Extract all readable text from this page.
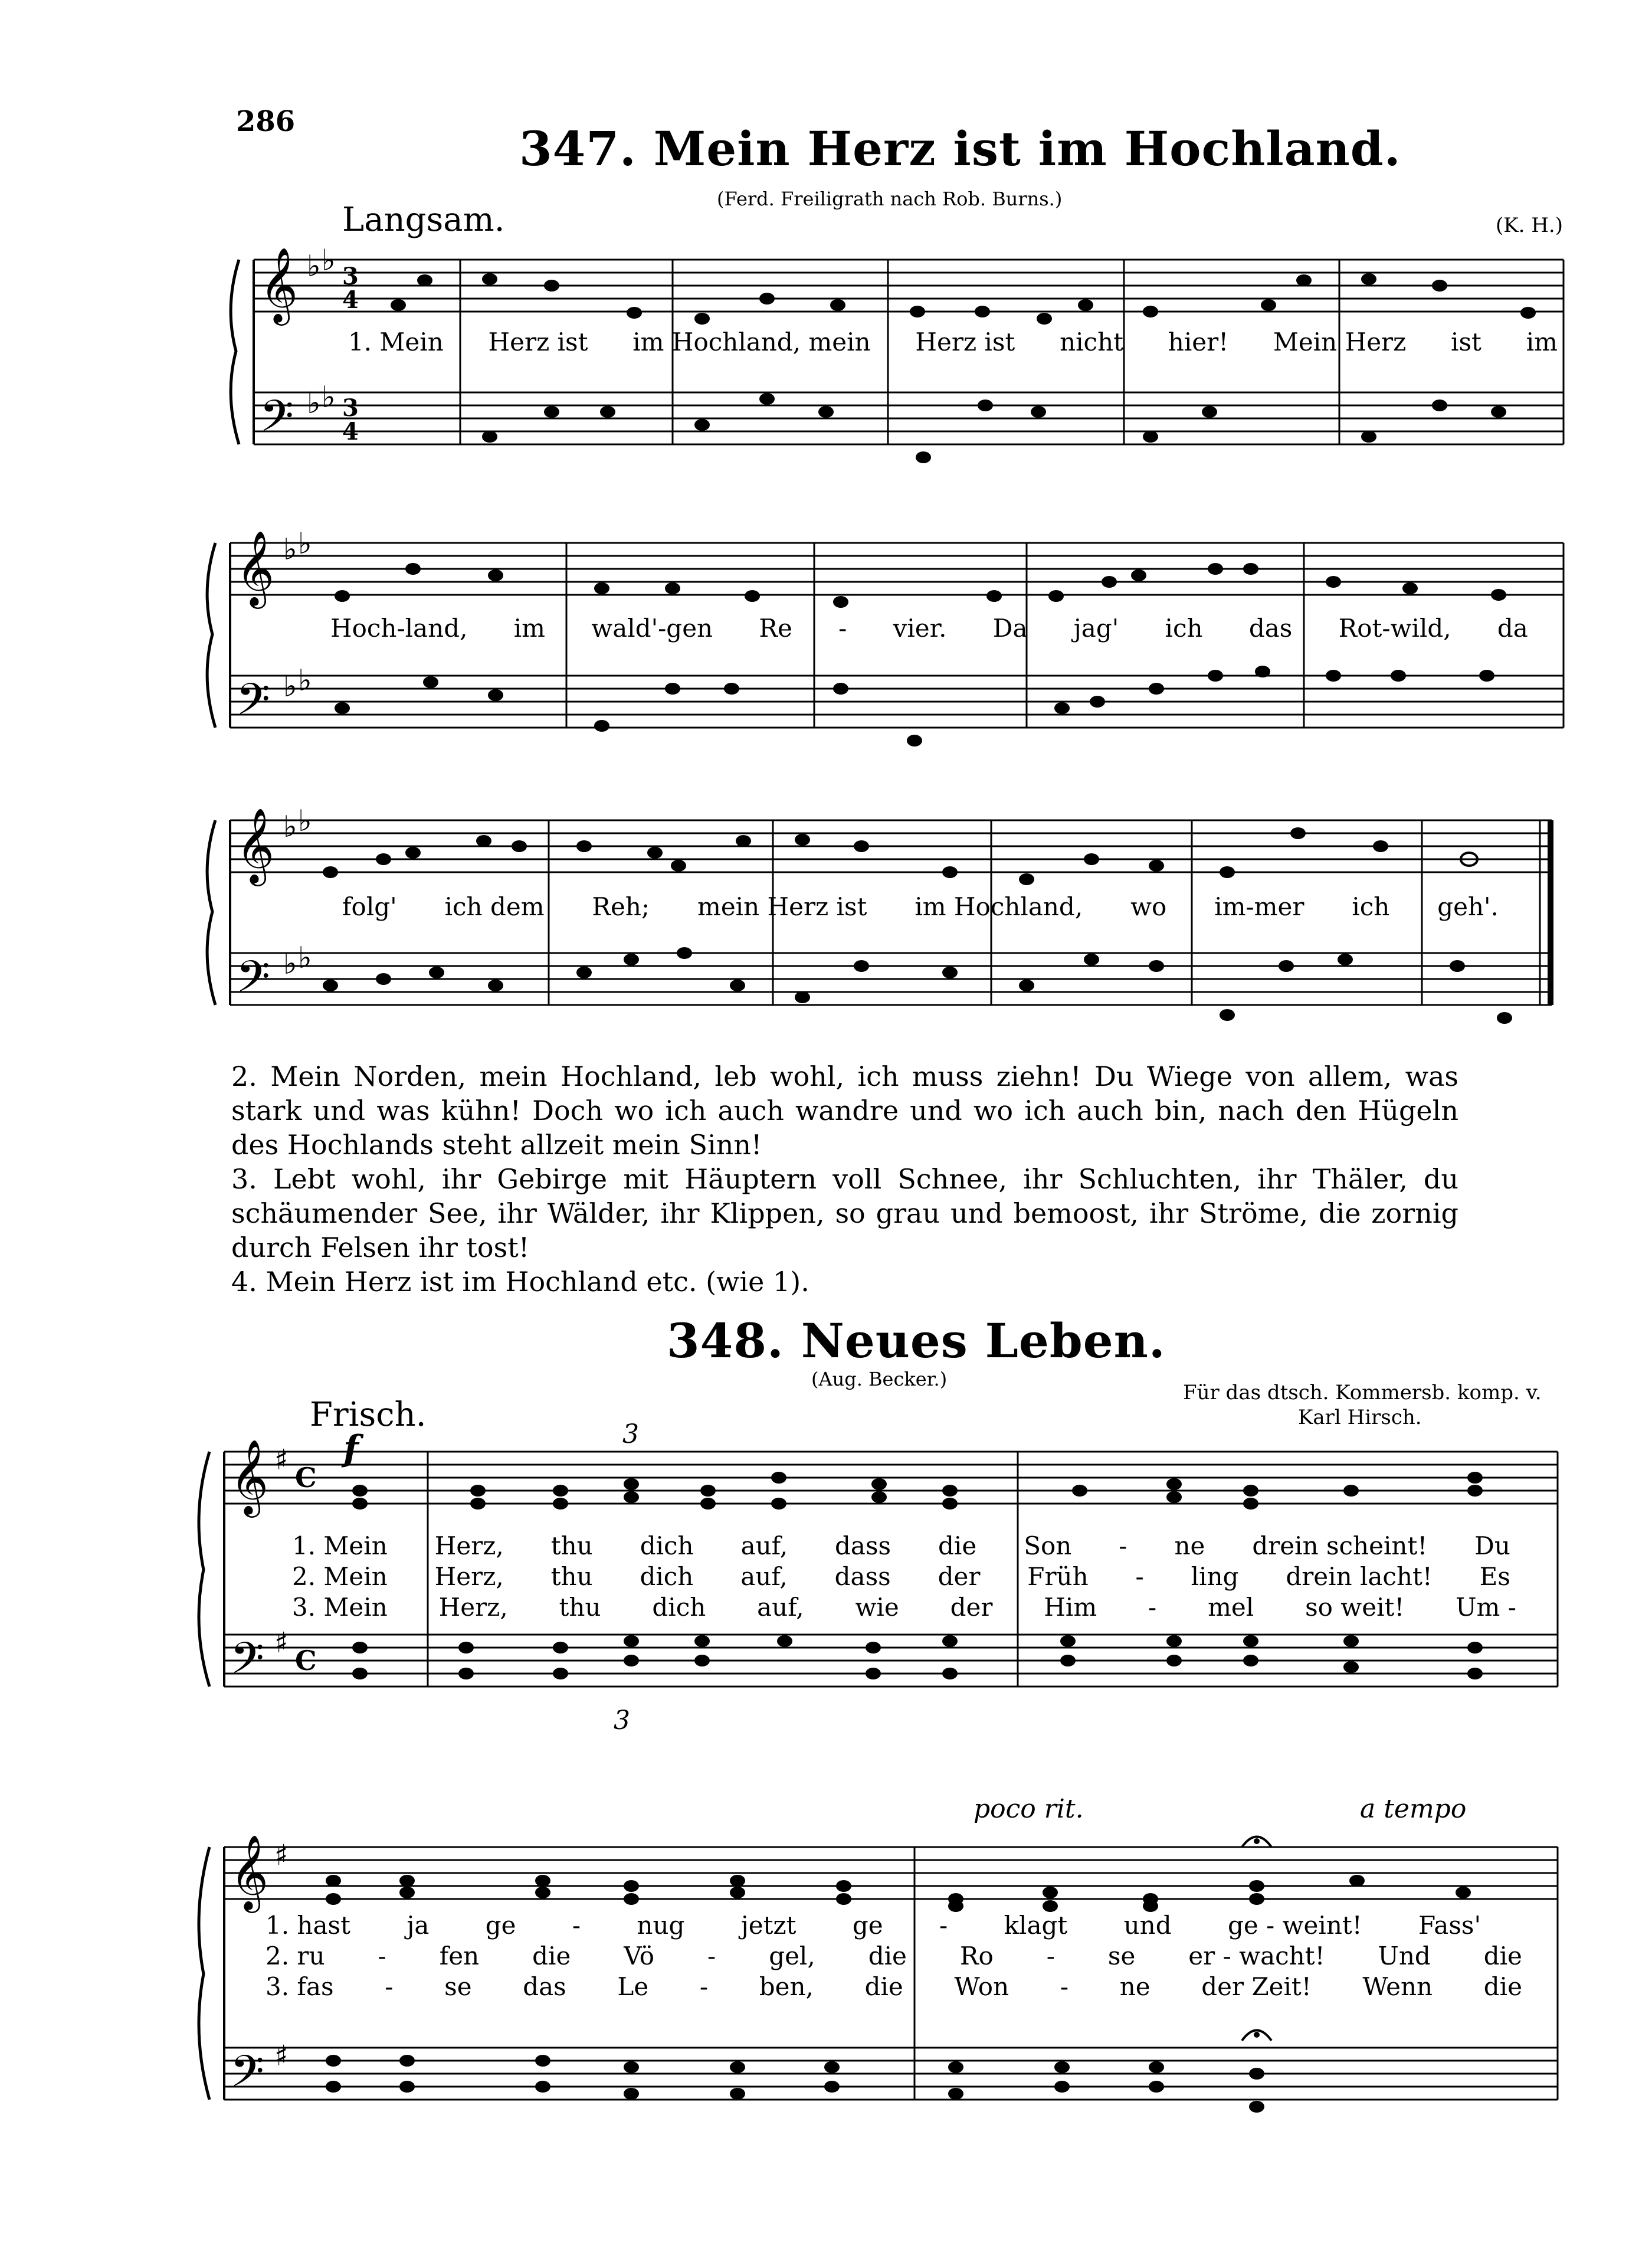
286	347. Mein Herz ist im Hochland.
(Ferd. Freiligrath nach Rob. Burns.)
Langsam.	(K. H.)
𝄞
𝄢
♭ ♭
♭ ♭
3
4
3
4
1. Mein Herz ist im Hochland, mein Herz ist nicht hier! Mein Herz ist im
𝄞
𝄢
♭ ♭
♭ ♭
Hoch-land, im wald'-gen Re - vier. Da jag' ich das Rot-wild, da
𝄞
𝄢
♭ ♭
♭ ♭
folg' ich dem Reh; mein Herz ist im Hochland, wo im-mer ich geh'.

2. Mein Norden, mein Hochland, leb wohl, ich muss ziehn! Du Wiege von allem, was stark und was kühn! Doch wo ich auch wandre und wo ich auch bin, nach den Hügeln des Hochlands steht allzeit mein Sinn!

3. Lebt wohl, ihr Gebirge mit Häuptern voll Schnee, ihr Schluchten, ihr Thäler, du schäumender See, ihr Wälder, ihr Klippen, so grau und bemoost, ihr Ströme, die zornig durch Felsen ihr tost!

4. Mein Herz ist im Hochland etc. (wie 1).

348. Neues Leben.
(Aug. Becker.)
Für das dtsch. Kommersb. komp. v.
Karl Hirsch.
Frisch.
f	3
3
𝄞
𝄢
♯
♯
C
C
1. Mein Herz, thu dich auf, dass die Son - ne drein scheint! Du
2. Mein Herz, thu dich auf, dass der Früh - ling drein lacht! Es
3. Mein Herz, thu dich auf, wie der Him - mel so weit! Um -
poco rit.	a tempo
𝄞
𝄢
♯
♯
1. hast ja ge - nug jetzt ge - klagt und ge - weint! Fass'
2. ru - fen die Vö - gel, die Ro - se er - wacht! Und die
3. fas - se das Le - ben, die Won - ne der Zeit! Wenn die
